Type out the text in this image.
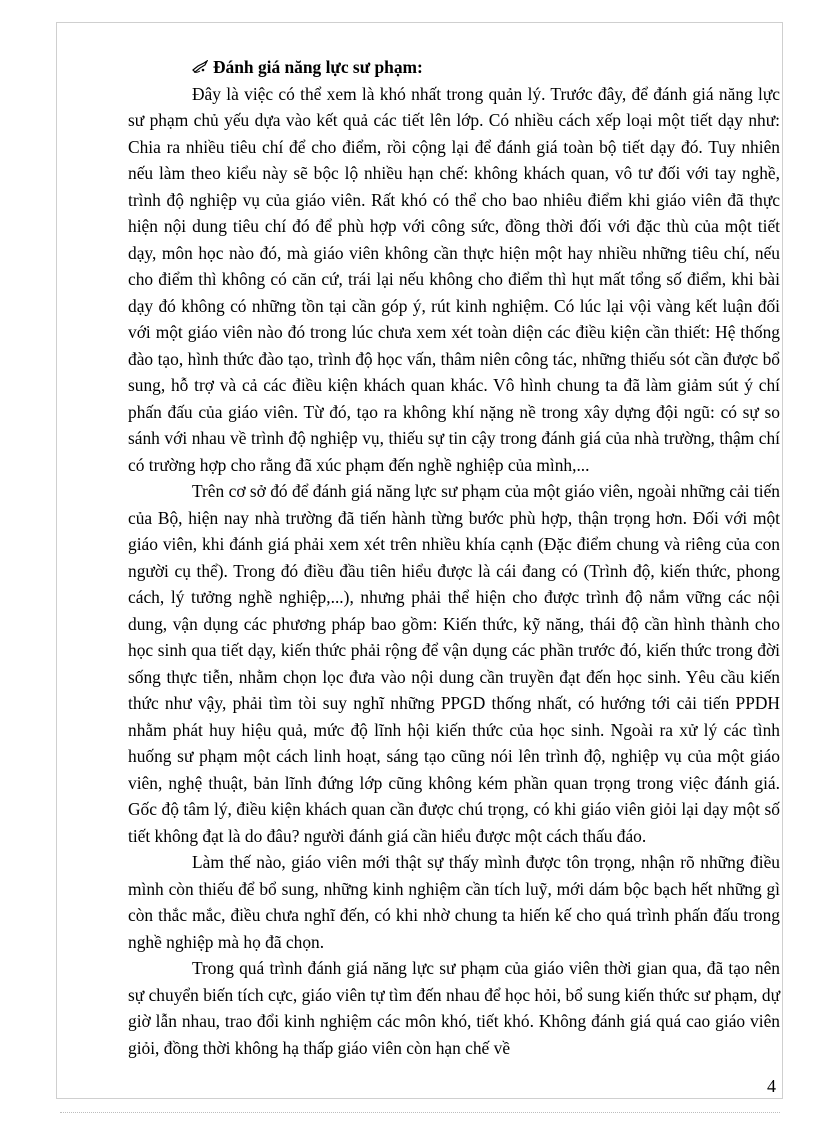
Đánh giá năng lực sư phạm:

Đây là việc có thể xem là khó nhất trong quản lý. Trước đây, để đánh giá năng lực sư phạm chủ yếu dựa vào kết quả các tiết lên lớp. Có nhiều cách xếp loại một tiết dạy như: Chia ra nhiều tiêu chí để cho điểm, rồi cộng lại để đánh giá toàn bộ tiết dạy đó. Tuy nhiên nếu làm theo kiểu này sẽ bộc lộ nhiều hạn chế: không khách quan, vô tư đối với tay nghề, trình độ nghiệp vụ của giáo viên. Rất khó có thể cho bao nhiêu điểm khi giáo viên đã thực hiện nội dung tiêu chí đó để phù hợp với công sức, đồng thời đối với đặc thù của một tiết dạy, môn học nào đó, mà giáo viên không cần thực hiện một hay nhiều những tiêu chí, nếu cho điểm thì không có căn cứ, trái lại nếu không cho điểm thì hụt mất tổng số điểm, khi bài dạy đó không có những tồn tại cần góp ý, rút kinh nghiệm. Có lúc lại vội vàng kết luận đối với một giáo viên nào đó trong lúc chưa xem xét toàn diện các điều kiện cần thiết: Hệ thống đào tạo, hình thức đào tạo, trình độ học vấn, thâm niên công tác, những thiếu sót cần được bổ sung, hỗ trợ và cả các điều kiện khách quan khác. Vô hình chung ta đã làm giảm sút ý chí phấn đấu của giáo viên. Từ đó, tạo ra không khí nặng nề trong xây dựng đội ngũ: có sự so sánh với nhau về trình độ nghiệp vụ, thiếu sự tin cậy trong đánh giá của nhà trường, thậm chí có trường hợp cho rằng đã xúc phạm đến nghề nghiệp của mình,...

Trên cơ sở đó để đánh giá năng lực sư phạm của một giáo viên, ngoài những cải tiến của Bộ, hiện nay nhà trường đã tiến hành từng bước phù hợp, thận trọng hơn. Đối với một giáo viên, khi đánh giá phải xem xét trên nhiều khía cạnh (Đặc điểm chung và riêng của con người cụ thể). Trong đó điều đầu tiên hiểu được là cái đang có (Trình độ, kiến thức, phong cách, lý tưởng nghề nghiệp,...), nhưng phải thể hiện cho được trình độ nắm vững các nội dung, vận dụng các phương pháp bao gồm: Kiến thức, kỹ năng, thái độ cần hình thành cho học sinh qua tiết dạy, kiến thức phải rộng để vận dụng các phần trước đó, kiến thức trong đời sống thực tiễn, nhằm chọn lọc đưa vào nội dung cần truyền đạt đến học sinh. Yêu cầu kiến thức như vậy, phải tìm tòi suy nghĩ những PPGD thống nhất, có hướng tới cải tiến PPDH nhằm phát huy hiệu quả, mức độ lĩnh hội kiến thức của học sinh. Ngoài ra xử lý các tình huống sư phạm một cách linh hoạt, sáng tạo cũng nói lên trình độ, nghiệp vụ của một giáo viên, nghệ thuật, bản lĩnh đứng lớp cũng không kém phần quan trọng trong việc đánh giá. Gốc độ tâm lý, điều kiện khách quan cần được chú trọng, có khi giáo viên giỏi lại dạy một số tiết không đạt là do đâu? người đánh giá cần hiểu được một cách thấu đáo.

Làm thế nào, giáo viên mới thật sự thấy mình được tôn trọng, nhận rõ những điều mình còn thiếu để bổ sung, những kinh nghiệm cần tích luỹ, mới dám bộc bạch hết những gì còn thắc mắc, điều chưa nghĩ đến, có khi nhờ chung ta hiến kế cho quá trình phấn đấu trong nghề nghiệp mà họ đã chọn.

Trong quá trình đánh giá năng lực sư phạm của giáo viên thời gian qua, đã tạo nên sự chuyển biến tích cực, giáo viên tự tìm đến nhau để học hỏi, bổ sung kiến thức sư phạm, dự giờ lẫn nhau, trao đổi kinh nghiệm các môn khó, tiết khó. Không đánh giá quá cao giáo viên giỏi, đồng thời không hạ thấp giáo viên còn hạn chế về

4
